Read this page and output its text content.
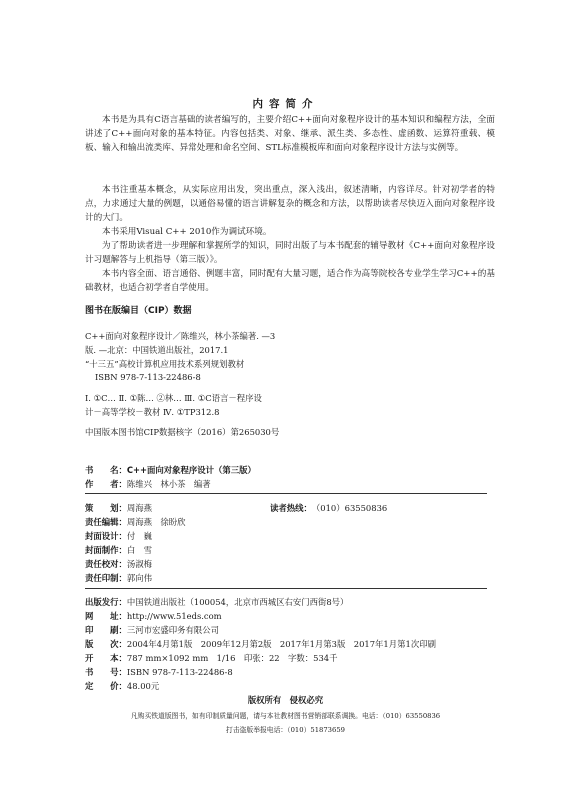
内容简介

本书是为具有C语言基础的读者编写的，主要介绍C++面向对象程序设计的基本知识和编程方法，全面讲述了C++面向对象的基本特征。内容包括类、对象、继承、派生类、多态性、虚函数、运算符重载、模板、输入和输出流类库、异常处理和命名空间、STL标准模板库和面向对象程序设计方法与实例等。

本书注重基本概念，从实际应用出发，突出重点，深入浅出，叙述清晰，内容详尽。针对初学者的特点，力求通过大量的例题，以通俗易懂的语言讲解复杂的概念和方法，以帮助读者尽快迈入面向对象程序设计的大门。

本书采用Visual C++ 2010作为调试环境。

为了帮助读者进一步理解和掌握所学的知识，同时出版了与本书配套的辅导教材《C++面向对象程序设计习题解答与上机指导（第三版）》。

本书内容全面、语言通俗、例题丰富，同时配有大量习题，适合作为高等院校各专业学生学习C++的基础教材，也适合初学者自学使用。

图书在版编目（CIP）数据
C++面向对象程序设计／陈维兴，林小茶编著. —3
版. —北京：中国铁道出版社，2017.1
“十三五”高校计算机应用技术系列规划教材
ISBN 978-7-113-22486-8
Ⅰ. ①C… Ⅱ. ①陈… ②林… Ⅲ. ①C语言－程序设
计－高等学校－教材 Ⅳ. ①TP312.8
中国版本图书馆CIP数据核字（2016）第265030号
书　　名：C++面向对象程序设计（第三版）
作　　者：陈维兴　林小茶　编著
策　　划：周海燕	读者热线：（010）63550836
责任编辑：周海燕　徐盼欣
封面设计：付　巍
封面制作：白　雪
责任校对：汤淑梅
责任印制：郭向伟
出版发行：中国铁道出版社（100054，北京市西城区右安门西街8号）
网　　址：http://www.51eds.com
印　　刷：三河市宏盛印务有限公司
版　　次：2004年4月第1版　2009年12月第2版　2017年1月第3版　2017年1月第1次印刷
开　　本：787 mm×1092 mm　1/16　印张：22　字数：534千
书　　号：ISBN 978-7-113-22486-8
定　　价：48.00元
版权所有　侵权必究
凡购买铁道版图书，如有印制质量问题，请与本社教材图书营销部联系调换。电话：（010）63550836
打击盗版举报电话：（010）51873659
